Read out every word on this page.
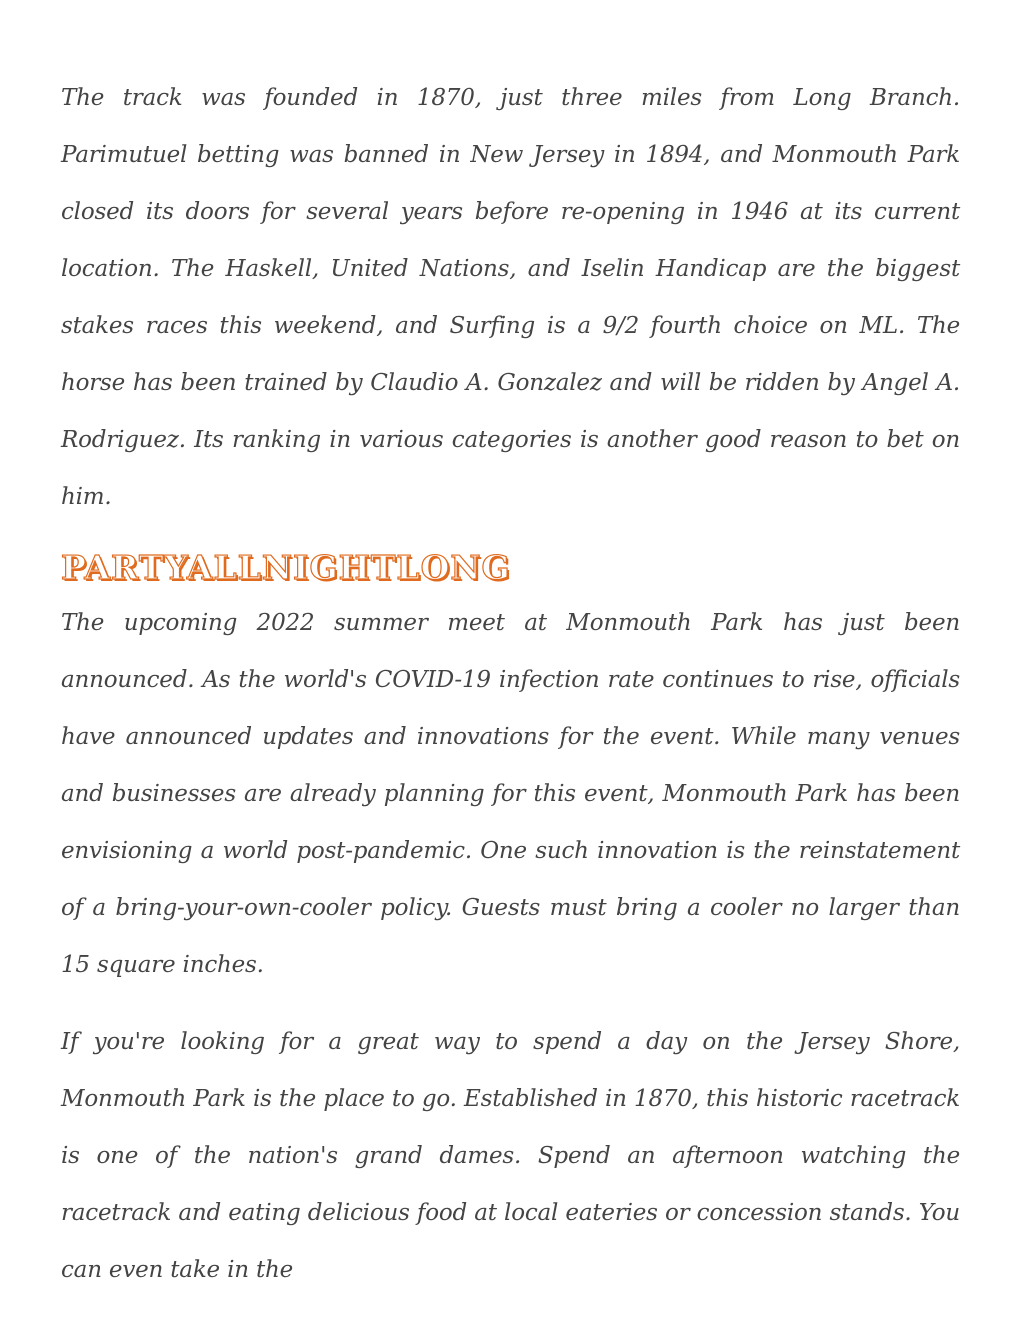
The track was founded in 1870, just three miles from Long Branch. Parimutuel betting was banned in New Jersey in 1894, and Monmouth Park closed its doors for several years before re-opening in 1946 at its current location. The Haskell, United Nations, and Iselin Handicap are the biggest stakes races this weekend, and Surfing is a 9/2 fourth choice on ML. The horse has been trained by Claudio A. Gonzalez and will be ridden by Angel A. Rodriguez. Its ranking in various categories is another good reason to bet on him.

PARTYALLNIGHTLONG

The upcoming 2022 summer meet at Monmouth Park has just been announced. As the world's COVID-19 infection rate continues to rise, officials have announced updates and innovations for the event. While many venues and businesses are already planning for this event, Monmouth Park has been envisioning a world post-pandemic. One such innovation is the reinstatement of a bring-your-own-cooler policy. Guests must bring a cooler no larger than 15 square inches.

If you're looking for a great way to spend a day on the Jersey Shore, Monmouth Park is the place to go. Established in 1870, this historic racetrack is one of the nation's grand dames. Spend an afternoon watching the racetrack and eating delicious food at local eateries or concession stands. You can even take in the
